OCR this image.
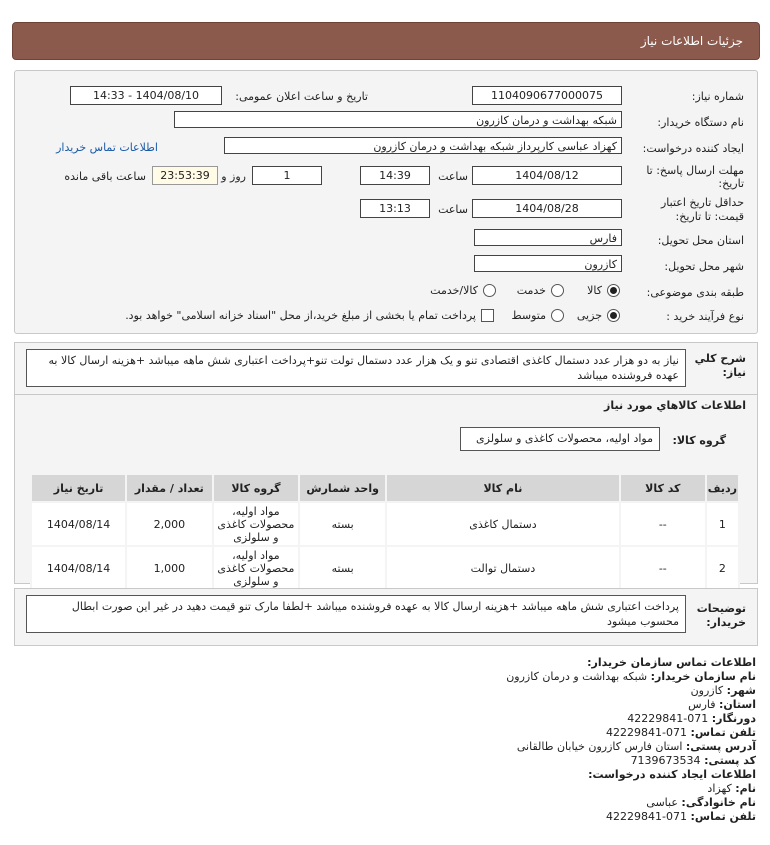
جزئیات اطلاعات نیاز
شماره نیاز:
1104090677000075
تاریخ و ساعت اعلان عمومی:
1404/08/10 - 14:33
نام دستگاه خریدار:
شبکه بهداشت و درمان کازرون
ایجاد کننده درخواست:
کهزاد عباسی کارپرداز شبکه بهداشت و درمان کازرون
اطلاعات تماس خریدار
مهلت ارسال پاسخ: تا
تاریخ:
1404/08/12
ساعت
14:39
1
روز و
23:53:39
ساعت باقی مانده
حداقل تاریخ اعتبار
قیمت: تا تاریخ:
1404/08/28
ساعت
13:13
استان محل تحویل:
فارس
شهر محل تحویل:
کازرون
طبقه بندی موضوعی:
کالا
خدمت
کالا/خدمت
نوع فرآیند خرید :
جزیی
متوسط
پرداخت تمام یا بخشی از مبلغ خرید،از محل "اسناد خزانه اسلامی" خواهد بود.
شرح کلي
نیاز:
نیاز به دو هزار عدد دستمال کاغذی اقتصادی تنو و یک هزار عدد دستمال تولت تنو+پرداخت اعتباری شش ماهه میباشد +هزینه ارسال کالا به عهده فروشنده میباشد
اطلاعات کالاهاي مورد نياز
گروه کالا:
مواد اولیه، محصولات کاغذی و سلولزی
ردیف	کد کالا	نام کالا	واحد شمارش	گروه کالا	تعداد / مقدار	تاریخ نیاز
1	--	دستمال کاغذی	بسته	مواد اولیه، محصولات کاغذی و سلولزی	2,000	1404/08/14
2	--	دستمال توالت	بسته	مواد اولیه، محصولات کاغذی و سلولزی	1,000	1404/08/14
توضیحات
خریدار:
پرداخت اعتباری شش ماهه میباشد +هزینه ارسال کالا به عهده فروشنده میباشد +لطفا مارک تنو قیمت دهید در غیر این صورت ابطال محسوب میشود
اطلاعات تماس سازمان خریدار:
نام سازمان خریدار: شبکه بهداشت و درمان کازرون
شهر: کازرون
استان: فارس
دورنگار: 071-42229841
تلفن تماس: 071-42229841
آدرس پستی: استان فارس کازرون خیابان طالقانی
کد پستی: 7139673534
اطلاعات ایجاد کننده درخواست:
نام: کهزاد
نام خانوادگی: عباسی
تلفن تماس: 071-42229841
